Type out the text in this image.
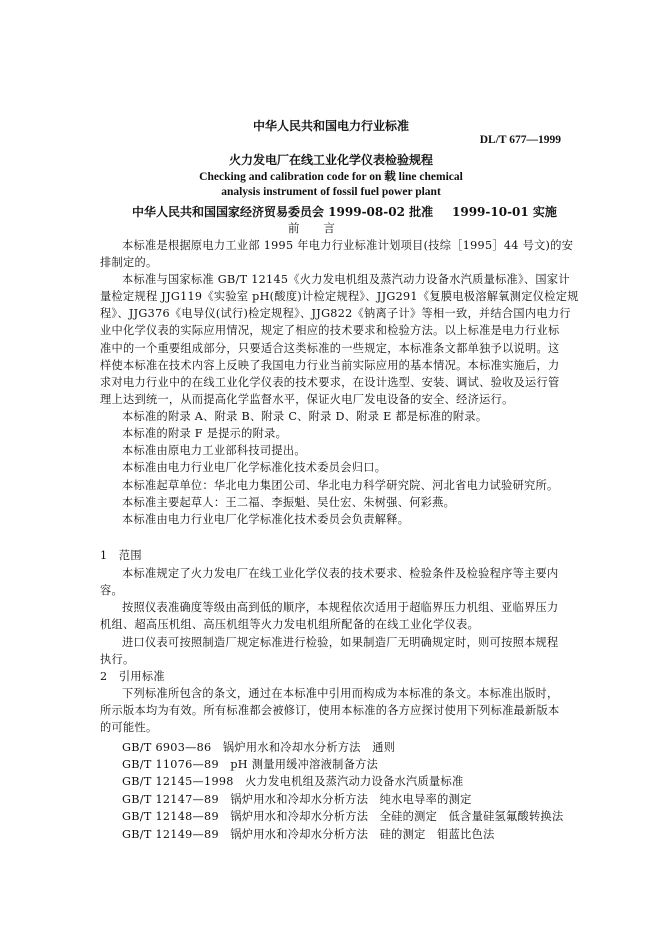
中华人民共和国电力行业标准
DL/T 677—1999
火力发电厂在线工业化学仪表检验规程
Checking and calibration code for on 载 line chemical
analysis instrument of fossil fuel power plant
中华人民共和国国家经济贸易委员会 1999-08-02 批准 1999-10-01 实施
前　　言
本标准是根据原电力工业部 1995 年电力行业标准计划项目(技综［1995］44 号文)的安
排制定的。
本标准与国家标准 GB/T 12145《火力发电机组及蒸汽动力设备水汽质量标准》、国家计
量检定规程 JJG119《实验室 pH(酸度)计检定规程》、JJG291《复膜电极溶解氧测定仪检定规
程》、JJG376《电导仪(试行)检定规程》、JJG822《钠离子计》等相一致，并结合国内电力行
业中化学仪表的实际应用情况，规定了相应的技术要求和检验方法。以上标准是电力行业标
准中的一个重要组成部分，只要适合这类标准的一些规定，本标准条文都单独予以说明。这
样使本标准在技术内容上反映了我国电力行业当前实际应用的基本情况。本标准实施后，力
求对电力行业中的在线工业化学仪表的技术要求，在设计选型、安装、调试、验收及运行管
理上达到统一，从而提高化学监督水平，保证火电厂发电设备的安全、经济运行。
本标准的附录 A、附录 B、附录 C、附录 D、附录 E 都是标准的附录。
本标准的附录 F 是提示的附录。
本标准由原电力工业部科技司提出。
本标准由电力行业电厂化学标准化技术委员会归口。
本标准起草单位：华北电力集团公司、华北电力科学研究院、河北省电力试验研究所。
本标准主要起草人：王二福、李振魁、吴仕宏、朱树强、何彩燕。
本标准由电力行业电厂化学标准化技术委员会负责解释。
1　范围
本标准规定了火力发电厂在线工业化学仪表的技术要求、检验条件及检验程序等主要内
容。
按照仪表准确度等级由高到低的顺序，本规程依次适用于超临界压力机组、亚临界压力
机组、超高压机组、高压机组等火力发电机组所配备的在线工业化学仪表。
进口仪表可按照制造厂规定标准进行检验，如果制造厂无明确规定时，则可按照本规程
执行。
2　引用标准
下列标准所包含的条文，通过在本标准中引用而构成为本标准的条文。本标准出版时，
所示版本均为有效。所有标准都会被修订，使用本标准的各方应探讨使用下列标准最新版本
的可能性。
GB/T 6903—86　锅炉用水和冷却水分析方法　通则
GB/T 11076—89　pH 测量用缓冲溶液制备方法
GB/T 12145—1998　火力发电机组及蒸汽动力设备水汽质量标准
GB/T 12147—89　锅炉用水和冷却水分析方法　纯水电导率的测定
GB/T 12148—89　锅炉用水和冷却水分析方法　全硅的测定　低含量硅氢氟酸转换法
GB/T 12149—89　锅炉用水和冷却水分析方法　硅的测定　钼蓝比色法
